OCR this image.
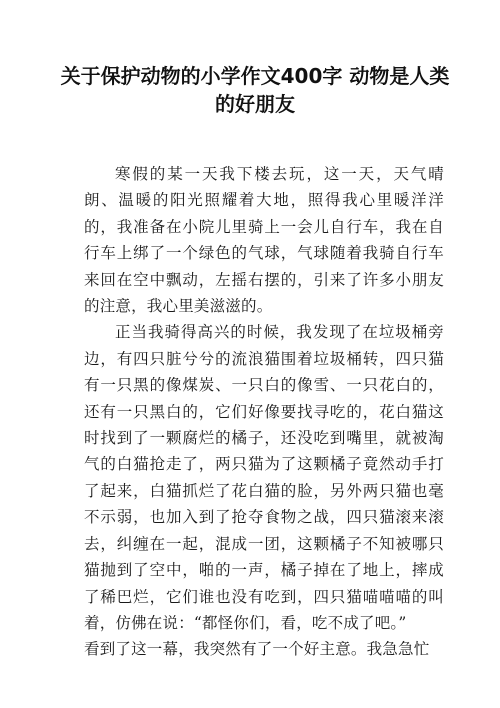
关于保护动物的小学作文400字 动物是人类的好朋友

寒假的某一天我下楼去玩，这一天，天气晴朗、温暖的阳光照耀着大地，照得我心里暖洋洋的，我准备在小院儿里骑上一会儿自行车，我在自行车上绑了一个绿色的气球，气球随着我骑自行车来回在空中飘动，左摇右摆的，引来了许多小朋友的注意，我心里美滋滋的。

正当我骑得高兴的时候，我发现了在垃圾桶旁边，有四只脏兮兮的流浪猫围着垃圾桶转，四只猫有一只黑的像煤炭、一只白的像雪、一只花白的，还有一只黑白的，它们好像要找寻吃的，花白猫这时找到了一颗腐烂的橘子，还没吃到嘴里，就被淘气的白猫抢走了，两只猫为了这颗橘子竟然动手打了起来，白猫抓烂了花白猫的脸，另外两只猫也毫不示弱，也加入到了抢夺食物之战，四只猫滚来滚去，纠缠在一起，混成一团，这颗橘子不知被哪只猫抛到了空中，啪的一声，橘子掉在了地上，摔成了稀巴烂，它们谁也没有吃到，四只猫喵喵喵的叫着，仿佛在说：“都怪你们，看，吃不成了吧。”

看到了这一幕，我突然有了一个好主意。我急急忙
